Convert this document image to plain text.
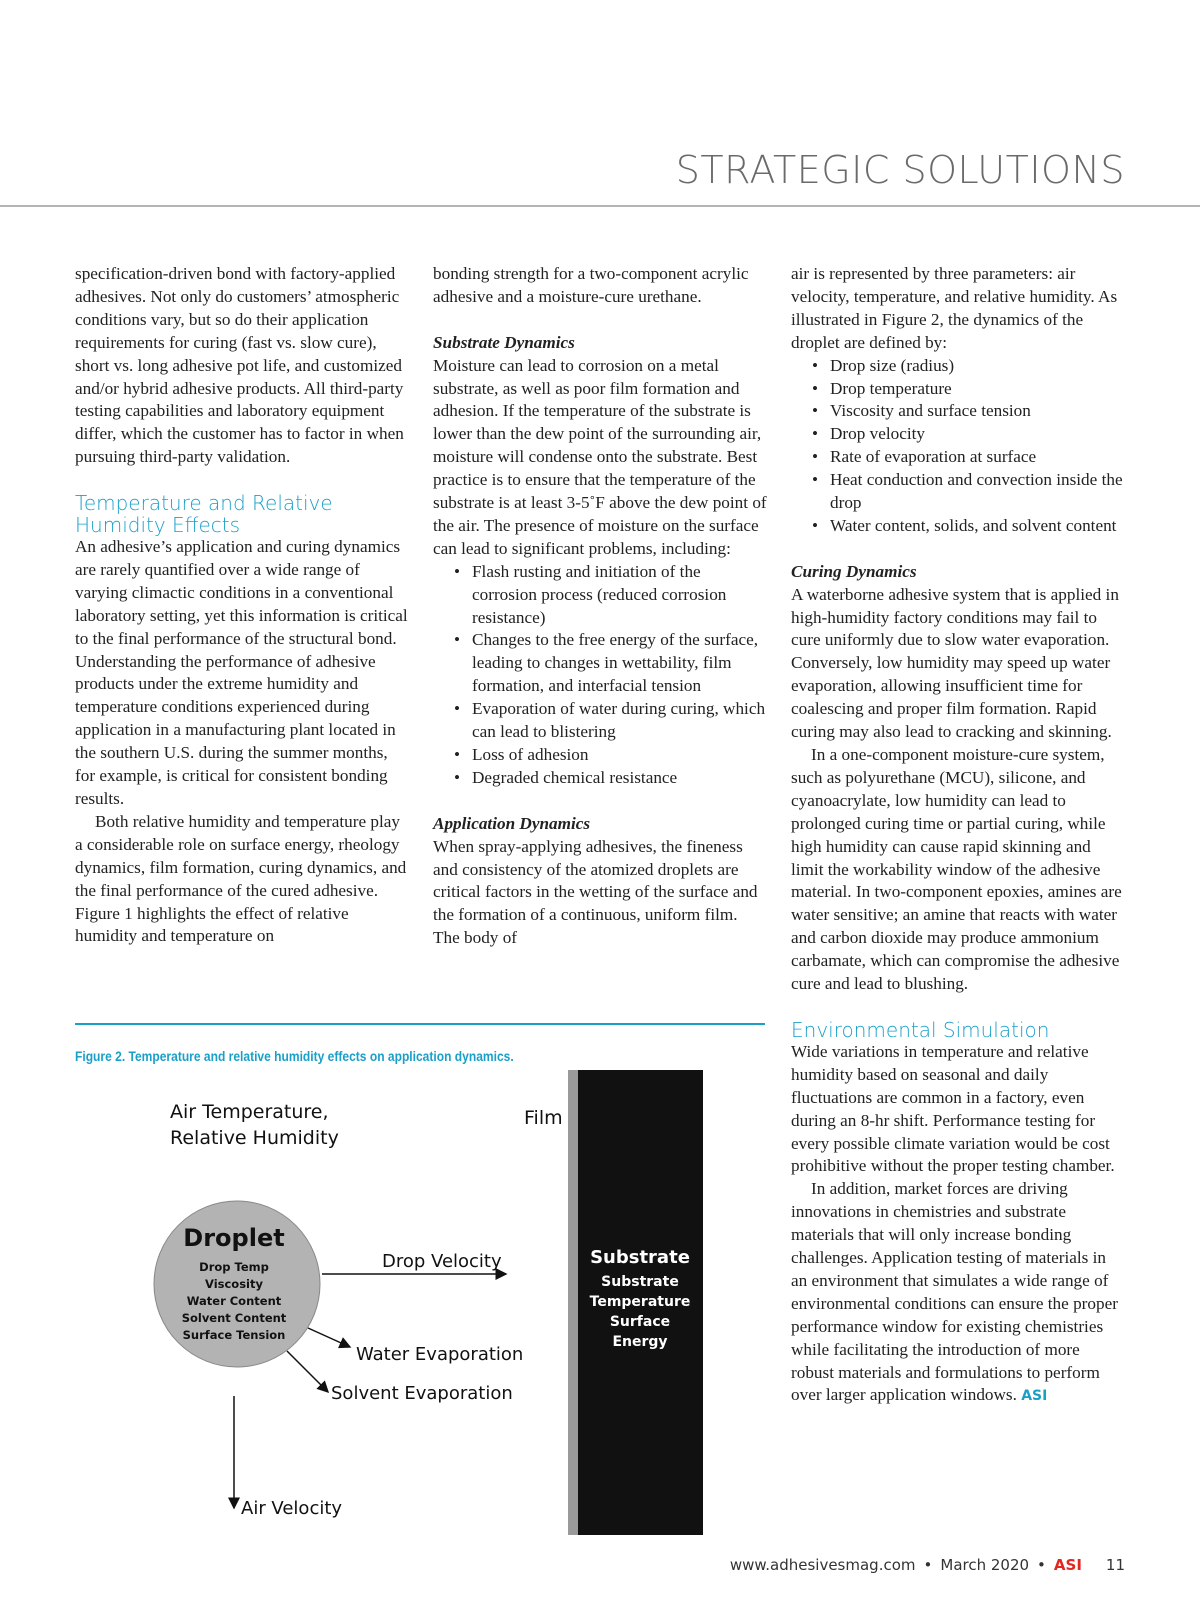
STRATEGIC SOLUTIONS

specification-driven bond with factory-applied adhesives. Not only do customers’ atmospheric conditions vary, but so do their application requirements for curing (fast vs. slow cure), short vs. long adhesive pot life, and customized and/or hybrid adhesive products. All third-party testing capabilities and laboratory equipment differ, which the customer has to factor in when pursuing third-party validation.

Temperature and Relative Humidity Effects

An adhesive’s application and curing dynamics are rarely quantified over a wide range of varying climactic conditions in a conventional laboratory setting, yet this information is critical to the final performance of the structural bond. Understanding the performance of adhesive products under the extreme humidity and temperature conditions experienced during application in a manufacturing plant located in the southern U.S. during the summer months, for example, is critical for consistent bonding results.

Both relative humidity and temperature play a considerable role on surface energy, rheology dynamics, film formation, curing dynamics, and the final performance of the cured adhesive. Figure 1 highlights the effect of relative humidity and temperature on

bonding strength for a two-component acrylic adhesive and a moisture-cure urethane.

Substrate Dynamics

Moisture can lead to corrosion on a metal substrate, as well as poor film formation and adhesion. If the temperature of the substrate is lower than the dew point of the surrounding air, moisture will condense onto the substrate. Best practice is to ensure that the temperature of the substrate is at least 3-5˚F above the dew point of the air. The presence of moisture on the surface can lead to significant problems, including:

• Flash rusting and initiation of the corrosion process (reduced corrosion resistance)
• Changes to the free energy of the surface, leading to changes in wettability, film formation, and interfacial tension
• Evaporation of water during curing, which can lead to blistering
• Loss of adhesion
• Degraded chemical resistance

Application Dynamics

When spray-applying adhesives, the fineness and consistency of the atomized droplets are critical factors in the wetting of the surface and the formation of a continuous, uniform film. The body of

air is represented by three parameters: air velocity, temperature, and relative humidity. As illustrated in Figure 2, the dynamics of the droplet are defined by:

• Drop size (radius)
• Drop temperature
• Viscosity and surface tension
• Drop velocity
• Rate of evaporation at surface
• Heat conduction and convection inside the drop
• Water content, solids, and solvent content

Curing Dynamics

A waterborne adhesive system that is applied in high-humidity factory conditions may fail to cure uniformly due to slow water evaporation. Conversely, low humidity may speed up water evaporation, allowing insufficient time for coalescing and proper film formation. Rapid curing may also lead to cracking and skinning.

In a one-component moisture-cure system, such as polyurethane (MCU), silicone, and cyanoacrylate, low humidity can lead to prolonged curing time or partial curing, while high humidity can cause rapid skinning and limit the workability window of the adhesive material. In two-component epoxies, amines are water sensitive; an amine that reacts with water and carbon dioxide may produce ammonium carbamate, which can compromise the adhesive cure and lead to blushing.

Environmental Simulation

Wide variations in temperature and relative humidity based on seasonal and daily fluctuations are common in a factory, even during an 8-hr shift. Performance testing for every possible climate variation would be cost prohibitive without the proper testing chamber.

In addition, market forces are driving innovations in chemistries and substrate materials that will only increase bonding challenges. Application testing of materials in an environment that simulates a wide range of environmental conditions can ensure the proper performance window for existing chemistries while facilitating the introduction of more robust materials and formulations to perform over larger application windows. ASI

Figure 2. Temperature and relative humidity effects on application dynamics.
Air Temperature,
Relative Humidity
Film
Substrate
Substrate
Temperature
Surface
Energy
Droplet
Drop Temp
Viscosity
Water Content
Solvent Content
Surface Tension
Drop Velocity
Water Evaporation
Solvent Evaporation
Air Velocity
www.adhesivesmag.com • March 2020 • ASI 11
